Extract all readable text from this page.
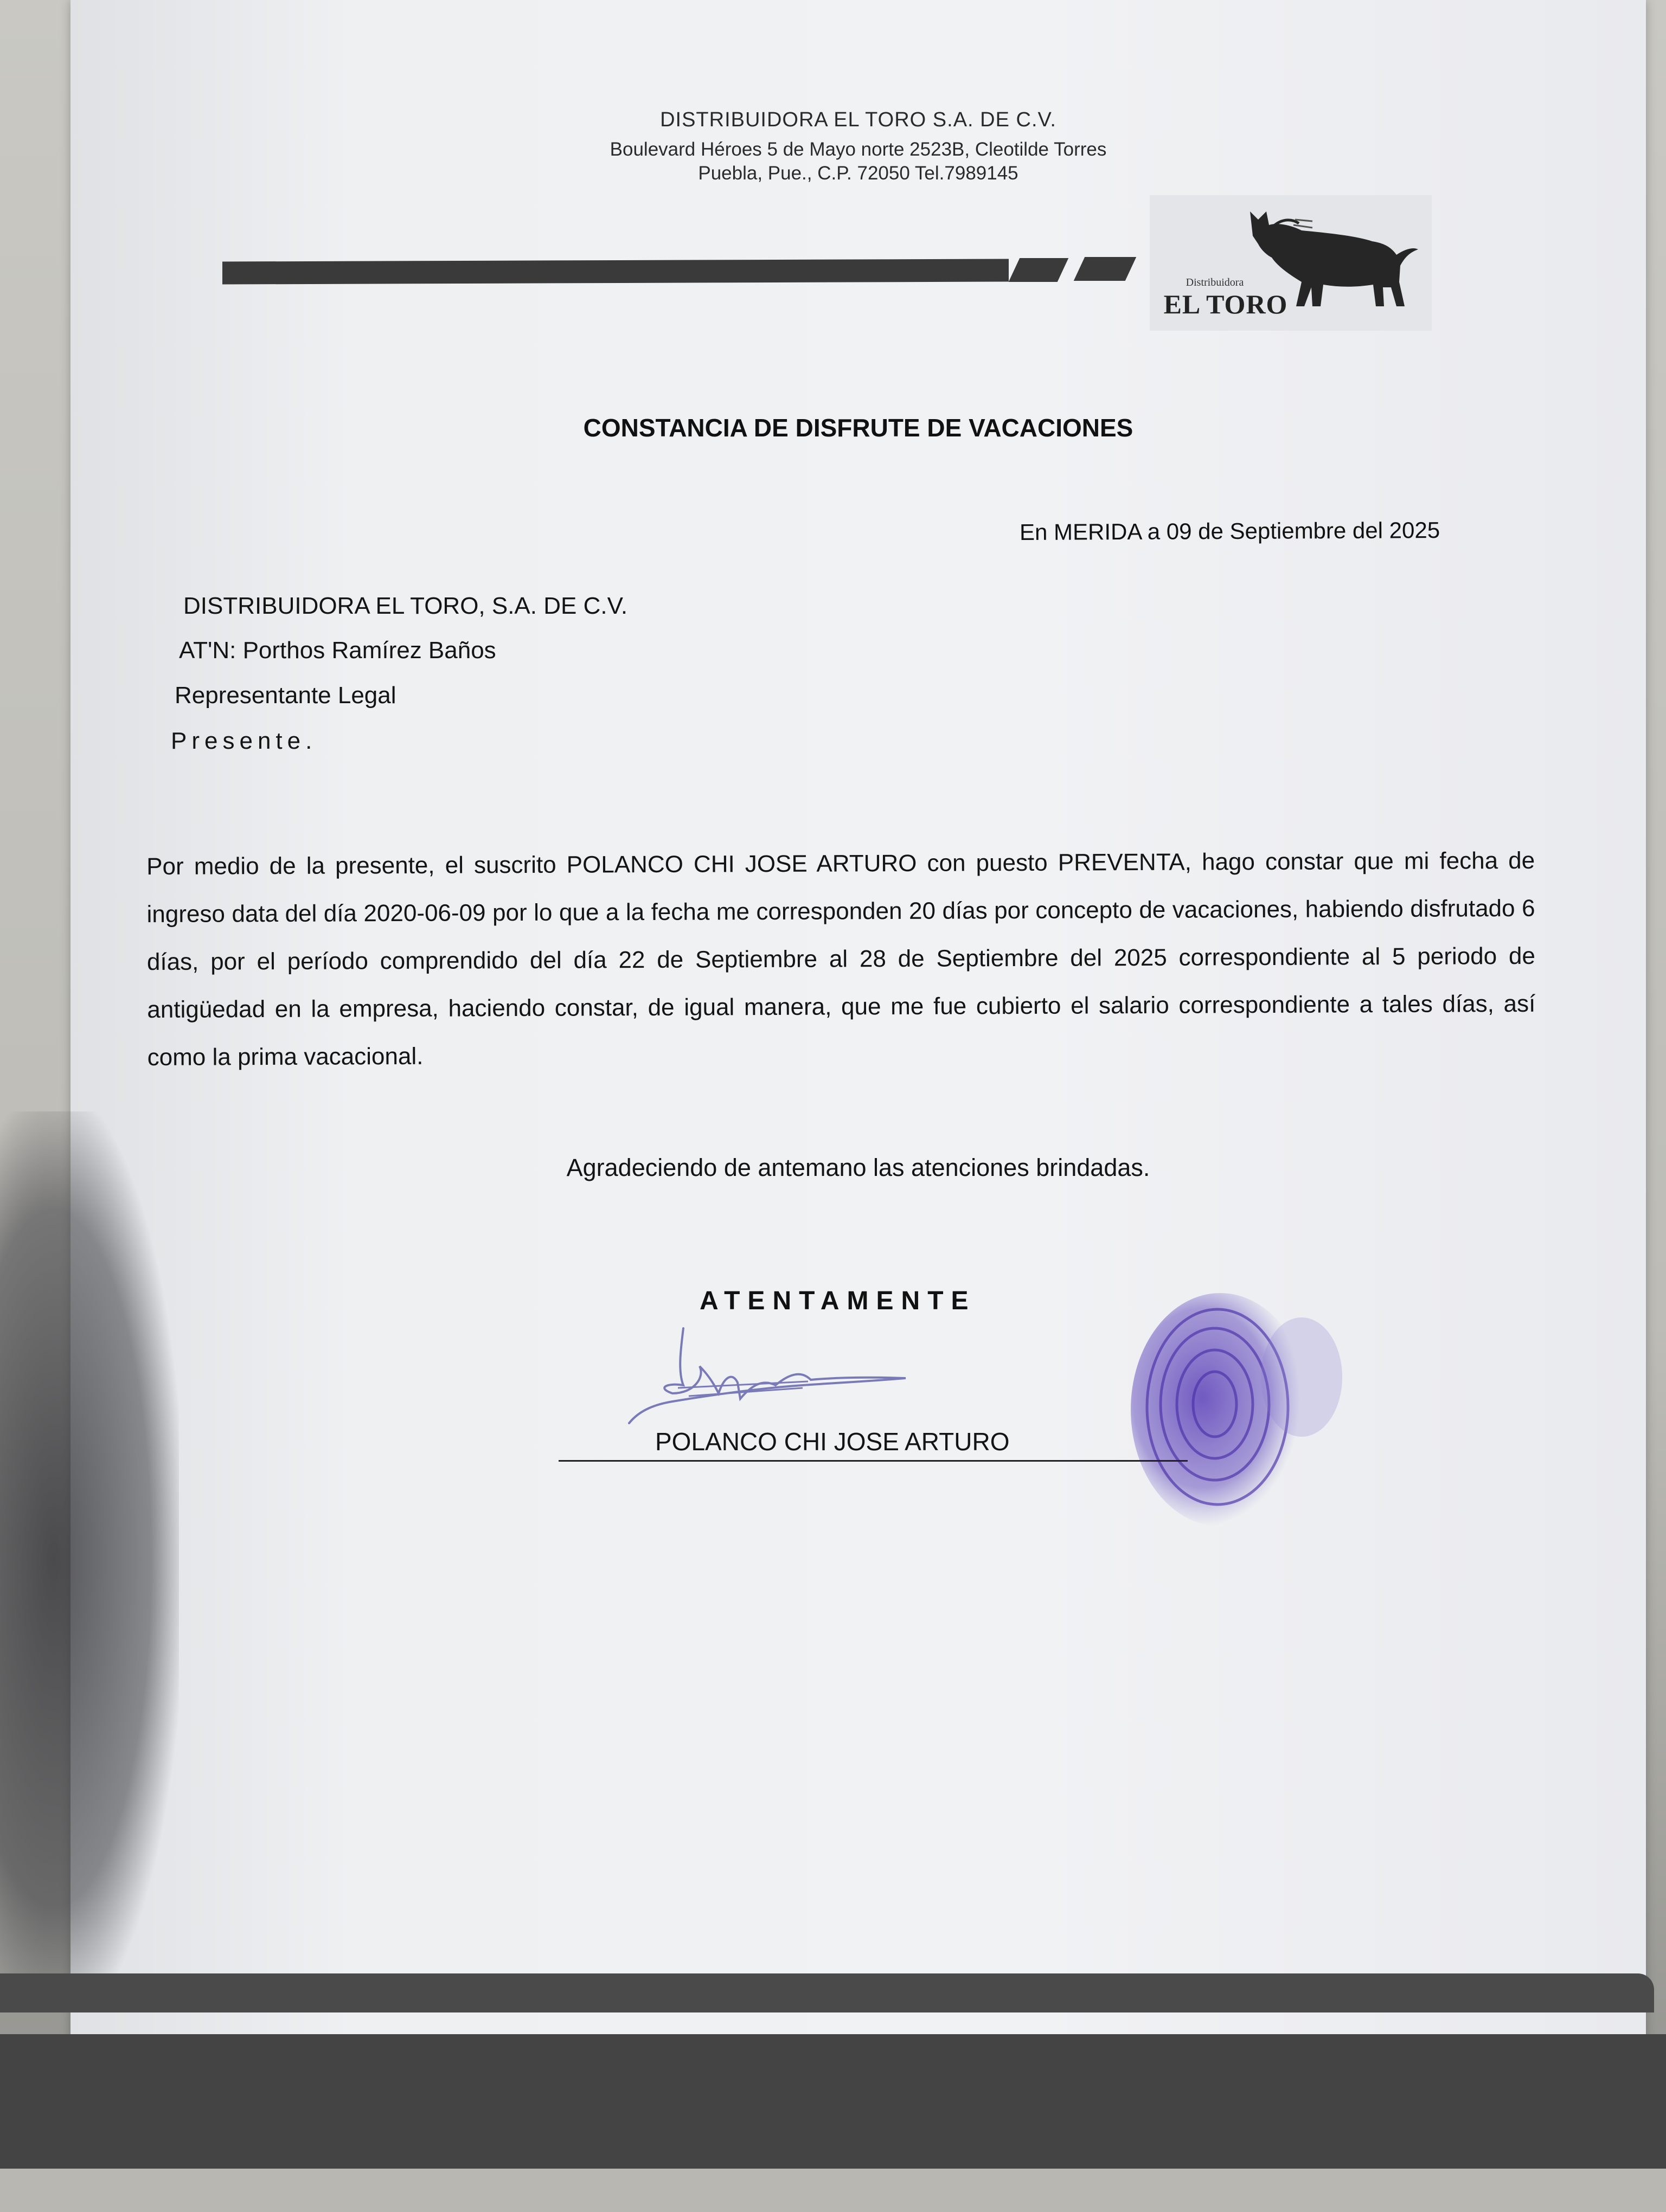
DISTRIBUIDORA EL TORO S.A. DE C.V.
Boulevard Héroes 5 de Mayo norte 2523B, Cleotilde Torres
Puebla, Pue., C.P. 72050 Tel.7989145
Distribuidora
EL TORO
CONSTANCIA DE DISFRUTE DE VACACIONES
En MERIDA a 09 de Septiembre del 2025
DISTRIBUIDORA EL TORO, S.A. DE C.V.
AT'N: Porthos Ramírez Baños
Representante Legal
Presente.
Por medio de la presente, el suscrito POLANCO CHI JOSE ARTURO con puesto PREVENTA, hago constar que mi fecha de ingreso data del día 2020-06-09 por lo que a la fecha me corresponden 20 días por concepto de vacaciones, habiendo disfrutado 6 días, por el período comprendido del día 22 de Septiembre al 28 de Septiembre del 2025 correspondiente al 5 periodo de antigüedad en la empresa, haciendo constar, de igual manera, que me fue cubierto el salario correspondiente a tales días, así como la prima vacacional.
Agradeciendo de antemano las atenciones brindadas.
ATENTAMENTE
POLANCO CHI JOSE ARTURO
